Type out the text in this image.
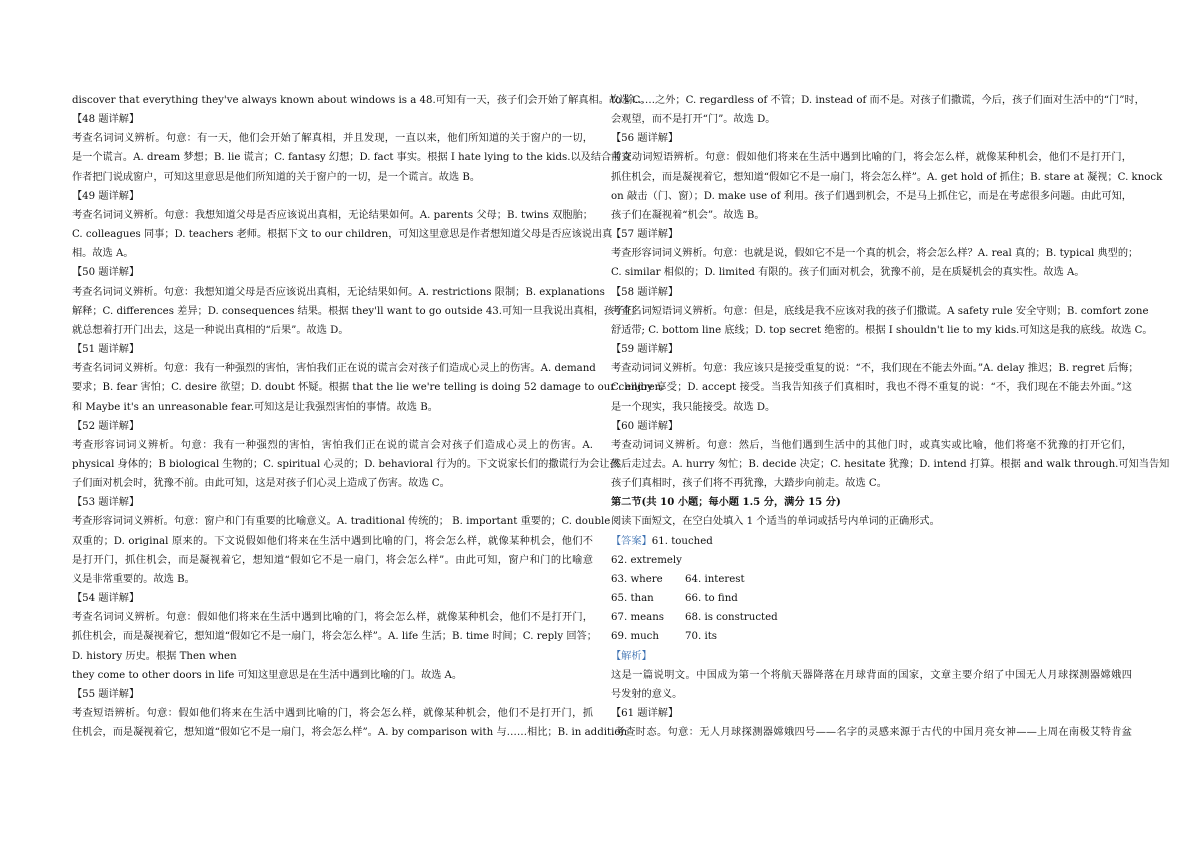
discover that everything they've always known about windows is a 48.可知有一天，孩子们会开始了解真相。故选 C。
【48 题详解】
考查名词词义辨析。句意：有一天，他们会开始了解真相，并且发现，一直以来，他们所知道的关于窗户的一切，
是一个谎言。A. dream 梦想；B. lie 谎言；C. fantasy 幻想；D. fact 事实。根据 I hate lying to the kids.以及结合前文
作者把门说成窗户，可知这里意思是他们所知道的关于窗户的一切，是一个谎言。故选 B。
【49 题详解】
考查名词词义辨析。句意：我想知道父母是否应该说出真相，无论结果如何。A. parents 父母；B. twins 双胞胎；
C. colleagues 同事；D. teachers 老师。根据下文 to our children，可知这里意思是作者想知道父母是否应该说出真
相。故选 A。
【50 题详解】
考查名词词义辨析。句意：我想知道父母是否应该说出真相，无论结果如何。A. restrictions 限制；B. explanations
解释；C. differences 差异；D. consequences 结果。根据 they'll want to go outside 43.可知一旦我说出真相，孩子们
就总想着打开门出去，这是一种说出真相的“后果”。故选 D。
【51 题详解】
考查名词词义辨析。句意：我有一种强烈的害怕，害怕我们正在说的谎言会对孩子们造成心灵上的伤害。A. demand
要求；B. fear 害怕；C. desire 欲望；D. doubt 怀疑。根据 that the lie we're telling is doing 52 damage to our children.
和 Maybe it's an unreasonable fear.可知这是让我强烈害怕的事情。故选 B。
【52 题详解】
考查形容词词义辨析。句意：我有一种强烈的害怕，害怕我们正在说的谎言会对孩子们造成心灵上的伤害。A.
physical 身体的；B biological 生物的；C. spiritual 心灵的；D. behavioral 行为的。下文说家长们的撒谎行为会让孩
子们面对机会时，犹豫不前。由此可知，这是对孩子们心灵上造成了伤害。故选 C。
【53 题详解】
考查形容词词义辨析。句意：窗户和门有重要的比喻意义。A. traditional 传统的； B. important 重要的；C. double
双重的；D. original 原来的。下文说假如他们将来在生活中遇到比喻的门，将会怎么样，就像某种机会，他们不
是打开门，抓住机会，而是凝视着它，想知道“假如它不是一扇门，将会怎么样”。由此可知，窗户和门的比喻意
义是非常重要的。故选 B。
【54 题详解】
考查名词词义辨析。句意：假如他们将来在生活中遇到比喻的门，将会怎么样，就像某种机会，他们不是打开门，
抓住机会，而是凝视着它，想知道“假如它不是一扇门，将会怎么样”。A. life 生活；B. time 时间；C. reply 回答；
D. history 历史。根据 Then when
they come to other doors in life 可知这里意思是在生活中遇到比喻的门。故选 A。
【55 题详解】
考查短语辨析。句意：假如他们将来在生活中遇到比喻的门，将会怎么样，就像某种机会，他们不是打开门，抓
住机会，而是凝视着它，想知道“假如它不是一扇门，将会怎么样”。A. by comparison with 与……相比；B. in addition
to 除……之外；C. regardless of 不管；D. instead of 而不是。对孩子们撒谎，今后，孩子们面对生活中的“门”时，
会观望，而不是打开“门”。故选 D。
【56 题详解】
考查动词短语辨析。句意：假如他们将来在生活中遇到比喻的门，将会怎么样，就像某种机会，他们不是打开门，
抓住机会，而是凝视着它，想知道“假如它不是一扇门，将会怎么样”。A. get hold of 抓住；B. stare at 凝视；C. knock
on 敲击（门、窗）；D. make use of 利用。孩子们遇到机会，不是马上抓住它，而是在考虑很多问题。由此可知，
孩子们在凝视着“机会”。故选 B。
【57 题详解】
考查形容词词义辨析。句意：也就是说，假如它不是一个真的机会，将会怎么样？A. real 真的；B. typical 典型的；
C. similar 相似的；D. limited 有限的。孩子们面对机会，犹豫不前，是在质疑机会的真实性。故选 A。
【58 题详解】
考查名词短语词义辨析。句意：但是，底线是我不应该对我的孩子们撒谎。A safety rule 安全守则；B. comfort zone
舒适带; C. bottom line 底线；D. top secret 绝密的。根据 I shouldn't lie to my kids.可知这是我的底线。故选 C。
【59 题详解】
考查动词词义辨析。句意：我应该只是接受重复的说：“不，我们现在不能去外面。”A. delay 推迟；B. regret 后悔；
C. enjoy 享受；D. accept 接受。当我告知孩子们真相时，我也不得不重复的说：“不，我们现在不能去外面。”这
是一个现实，我只能接受。故选 D。
【60 题详解】
考查动词词义辨析。句意：然后，当他们遇到生活中的其他门时，或真实或比喻，他们将毫不犹豫的打开它们，
然后走过去。A. hurry 匆忙；B. decide 决定；C. hesitate 犹豫；D. intend 打算。根据 and walk through.可知当告知
孩子们真相时，孩子们将不再犹豫，大踏步向前走。故选 C。
第二节(共 10 小题；每小题 1.5 分，满分 15 分)
阅读下面短文，在空白处填入 1 个适当的单词或括号内单词的正确形式。
【答案】61. touched
62. extremely
63. where 64. interest
65. than	66. to find
67. means 68. is constructed
69. much	70. its
【解析】
这是一篇说明文。中国成为第一个将航天器降落在月球背面的国家，文章主要介绍了中国无人月球探测器嫦娥四
号发射的意义。
【61 题详解】
.考查时态。句意：无人月球探测器嫦娥四号——名字的灵感来源于古代的中国月亮女神——上周在南极艾特肯盆
